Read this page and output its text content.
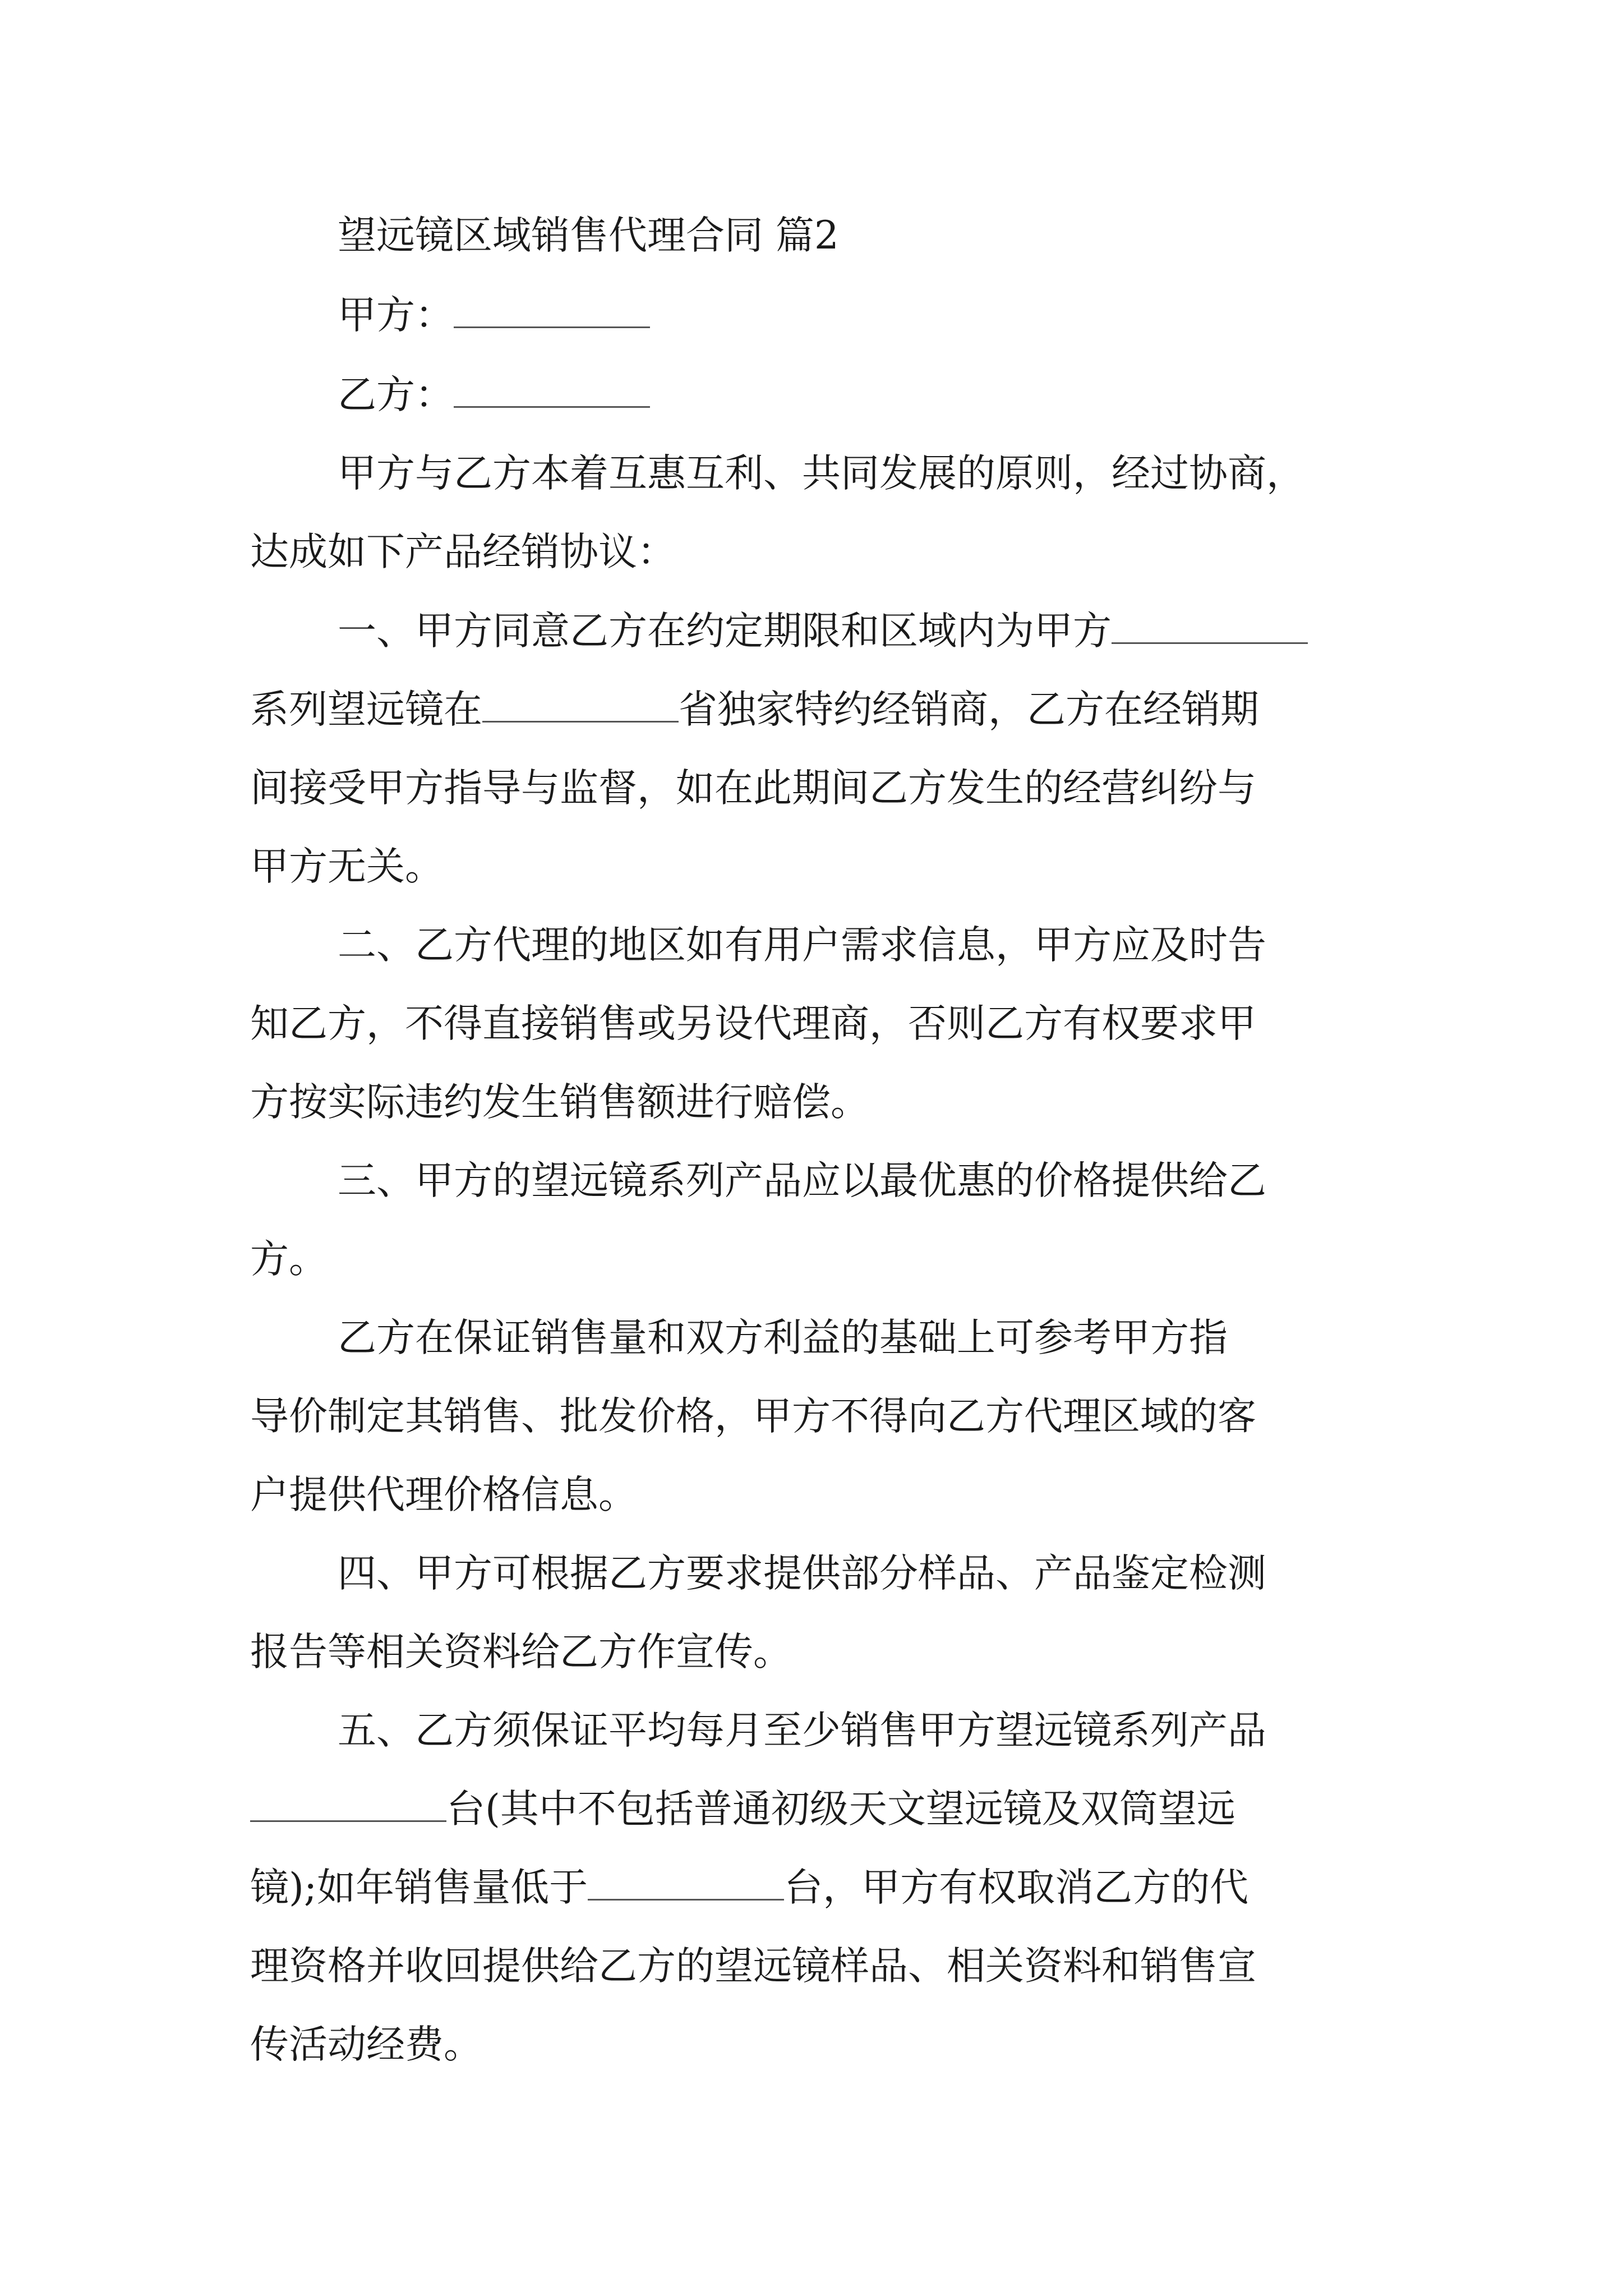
望远镜区域销售代理合同 篇2
甲方：
乙方：
甲方与乙方本着互惠互利、共同发展的原则，经过协商，
达成如下产品经销协议：
一、甲方同意乙方在约定期限和区域内为甲方
系列望远镜在	省独家特约经销商，乙方在经销期
间接受甲方指导与监督，如在此期间乙方发生的经营纠纷与
甲方无关。
二、乙方代理的地区如有用户需求信息，甲方应及时告
知乙方，不得直接销售或另设代理商，否则乙方有权要求甲
方按实际违约发生销售额进行赔偿。
三、甲方的望远镜系列产品应以最优惠的价格提供给乙
方。
乙方在保证销售量和双方利益的基础上可参考甲方指
导价制定其销售、批发价格，甲方不得向乙方代理区域的客
户提供代理价格信息。
四、甲方可根据乙方要求提供部分样品、产品鉴定检测
报告等相关资料给乙方作宣传。
五、乙方须保证平均每月至少销售甲方望远镜系列产品
台(其中不包括普通初级天文望远镜及双筒望远
镜);如年销售量低于	台，甲方有权取消乙方的代
理资格并收回提供给乙方的望远镜样品、相关资料和销售宣
传活动经费。
